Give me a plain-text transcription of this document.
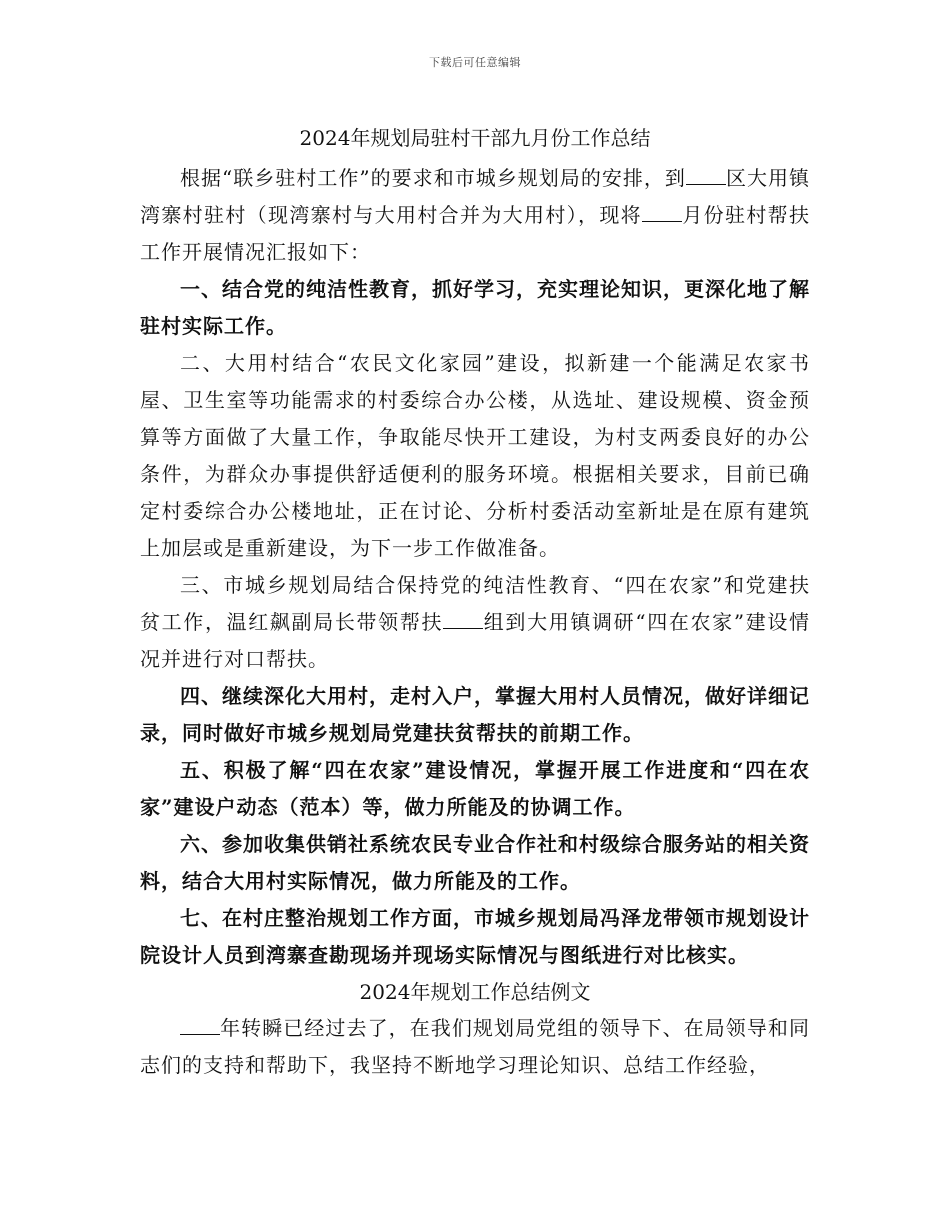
下载后可任意编辑
2024年规划局驻村干部九月份工作总结

根据“联乡驻村工作”的要求和市城乡规划局的安排，到 区大用镇湾寨村驻村（现湾寨村与大用村合并为大用村），现将 月份驻村帮扶工作开展情况汇报如下：

一、结合党的纯洁性教育，抓好学习，充实理论知识，更深化地了解驻村实际工作。

二、大用村结合“农民文化家园”建设，拟新建一个能满足农家书屋、卫生室等功能需求的村委综合办公楼，从选址、建设规模、资金预算等方面做了大量工作，争取能尽快开工建设，为村支两委良好的办公条件，为群众办事提供舒适便利的服务环境。根据相关要求，目前已确定村委综合办公楼地址，正在讨论、分析村委活动室新址是在原有建筑上加层或是重新建设，为下一步工作做准备。

三、市城乡规划局结合保持党的纯洁性教育、“四在农家”和党建扶贫工作，温红飙副局长带领帮扶 组到大用镇调研“四在农家”建设情况并进行对口帮扶。

四、继续深化大用村，走村入户，掌握大用村人员情况，做好详细记录，同时做好市城乡规划局党建扶贫帮扶的前期工作。

五、积极了解“四在农家”建设情况，掌握开展工作进度和“四在农家”建设户动态（范本）等，做力所能及的协调工作。

六、参加收集供销社系统农民专业合作社和村级综合服务站的相关资料，结合大用村实际情况，做力所能及的工作。

七、在村庄整治规划工作方面，市城乡规划局冯泽龙带领市规划设计院设计人员到湾寨查勘现场并现场实际情况与图纸进行对比核实。

2024年规划工作总结例文

年转瞬已经过去了，在我们规划局党组的领导下、在局领导和同志们的支持和帮助下，我坚持不断地学习理论知识、总结工作经验，
